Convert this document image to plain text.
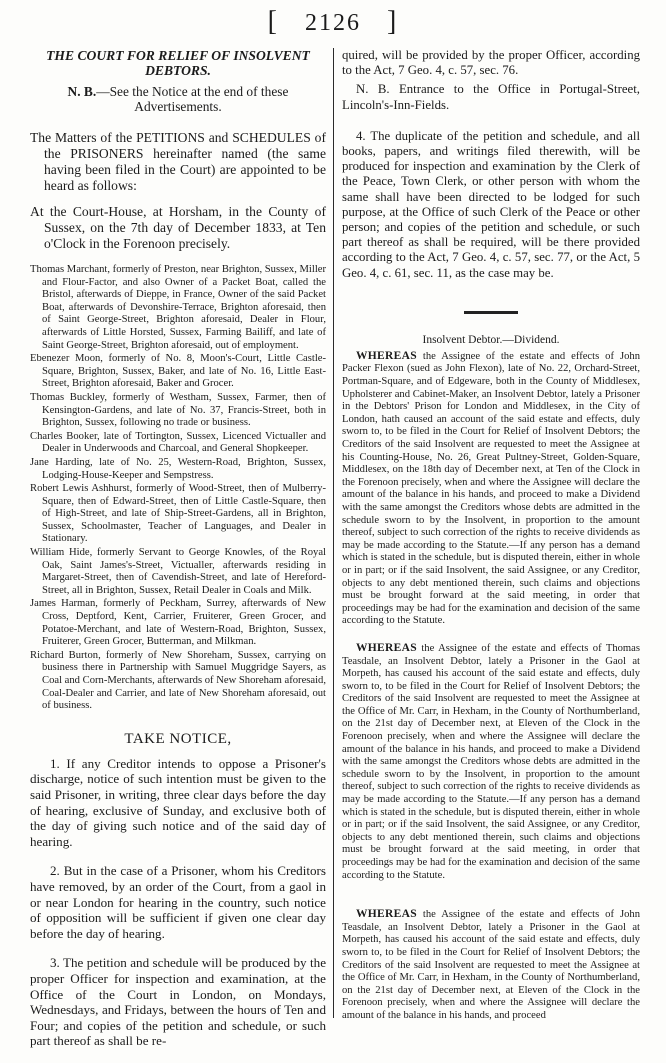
[ 2126 ]
THE COURT FOR RELIEF OF INSOLVENT
DEBTORS.

N. B.—See the Notice at the end of these Advertisements.

The Matters of the PETITIONS and SCHEDULES of the PRISONERS hereinafter named (the same having been filed in the Court) are appointed to be heard as follows:

At the Court-House, at Horsham, in the County of Sussex, on the 7th day of December 1833, at Ten o'Clock in the Forenoon precisely.

Thomas Marchant, formerly of Preston, near Brighton, Sussex, Miller and Flour-Factor, and also Owner of a Packet Boat, called the Bristol, afterwards of Dieppe, in France, Owner of the said Packet Boat, afterwards of Devonshire-Terrace, Brighton aforesaid, then of Saint George-Street, Brighton aforesaid, Dealer in Flour, afterwards of Little Horsted, Sussex, Farming Bailiff, and late of Saint George-Street, Brighton aforesaid, out of employment.
Ebenezer Moon, formerly of No. 8, Moon's-Court, Little Castle-Square, Brighton, Sussex, Baker, and late of No. 16, Little East-Street, Brighton aforesaid, Baker and Grocer.
Thomas Buckley, formerly of Westham, Sussex, Farmer, then of Kensington-Gardens, and late of No. 37, Francis-Street, both in Brighton, Sussex, following no trade or business.
Charles Booker, late of Tortington, Sussex, Licenced Victualler and Dealer in Underwoods and Charcoal, and General Shopkeeper.
Jane Harding, late of No. 25, Western-Road, Brighton, Sussex, Lodging-House-Keeper and Sempstress.
Robert Lewis Ashhurst, formerly of Wood-Street, then of Mulberry-Square, then of Edward-Street, then of Little Castle-Square, then of High-Street, and late of Ship-Street-Gardens, all in Brighton, Sussex, Schoolmaster, Teacher of Languages, and Dealer in Stationary.
William Hide, formerly Servant to George Knowles, of the Royal Oak, Saint James's-Street, Victualler, afterwards residing in Margaret-Street, then of Cavendish-Street, and late of Hereford-Street, all in Brighton, Sussex, Retail Dealer in Coals and Milk.
James Harman, formerly of Peckham, Surrey, afterwards of New Cross, Deptford, Kent, Carrier, Fruiterer, Green Grocer, and Potatoe-Merchant, and late of Western-Road, Brighton, Sussex, Fruiterer, Green Grocer, Butterman, and Milkman.
Richard Burton, formerly of New Shoreham, Sussex, carrying on business there in Partnership with Samuel Muggridge Sayers, as Coal and Corn-Merchants, afterwards of New Shoreham aforesaid, Coal-Dealer and Carrier, and late of New Shoreham aforesaid, out of business.
TAKE NOTICE,

1. If any Creditor intends to oppose a Prisoner's discharge, notice of such intention must be given to the said Prisoner, in writing, three clear days before the day of hearing, exclusive of Sunday, and exclusive both of the day of giving such notice and of the said day of hearing.

2. But in the case of a Prisoner, whom his Creditors have removed, by an order of the Court, from a gaol in or near London for hearing in the country, such notice of opposition will be sufficient if given one clear day before the day of hearing.

3. The petition and schedule will be produced by the proper Officer for inspection and examination, at the Office of the Court in London, on Mondays, Wednesdays, and Fridays, between the hours of Ten and Four; and copies of the petition and schedule, or such part thereof as shall be re-

quired, will be provided by the proper Officer, according to the Act, 7 Geo. 4, c. 57, sec. 76.

N. B. Entrance to the Office in Portugal-Street, Lincoln's-Inn-Fields.

4. The duplicate of the petition and schedule, and all books, papers, and writings filed therewith, will be produced for inspection and examination by the Clerk of the Peace, Town Clerk, or other person with whom the same shall have been directed to be lodged for such purpose, at the Office of such Clerk of the Peace or other person; and copies of the petition and schedule, or such part thereof as shall be required, will be there provided according to the Act, 7 Geo. 4, c. 57, sec. 77, or the Act, 5 Geo. 4, c. 61, sec. 11, as the case may be.

Insolvent Debtor.—Dividend.

WHEREAS the Assignee of the estate and effects of John Packer Flexon (sued as John Flexon), late of No. 22, Orchard-Street, Portman-Square, and of Edgeware, both in the County of Middlesex, Upholsterer and Cabinet-Maker, an Insolvent Debtor, lately a Prisoner in the Debtors' Prison for London and Middlesex, in the City of London, hath caused an account of the said estate and effects, duly sworn to, to be filed in the Court for Relief of Insolvent Debtors; the Creditors of the said Insolvent are requested to meet the Assignee at his Counting-House, No. 26, Great Pultney-Street, Golden-Square, Middlesex, on the 18th day of December next, at Ten of the Clock in the Forenoon precisely, when and where the Assignee will declare the amount of the balance in his hands, and proceed to make a Dividend with the same amongst the Creditors whose debts are admitted in the schedule sworn to by the Insolvent, in proportion to the amount thereof, subject to such correction of the rights to receive dividends as may be made according to the Statute.—If any person has a demand which is stated in the schedule, but is disputed therein, either in whole or in part; or if the said Insolvent, the said Assignee, or any Creditor, objects to any debt mentioned therein, such claims and objections must be brought forward at the said meeting, in order that proceedings may be had for the examination and decision of the same according to the Statute.

WHEREAS the Assignee of the estate and effects of Thomas Teasdale, an Insolvent Debtor, lately a Prisoner in the Gaol at Morpeth, has caused his account of the said estate and effects, duly sworn to, to be filed in the Court for Relief of Insolvent Debtors; the Creditors of the said Insolvent are requested to meet the Assignee at the Office of Mr. Carr, in Hexham, in the County of Northumberland, on the 21st day of December next, at Eleven of the Clock in the Forenoon precisely, when and where the Assignee will declare the amount of the balance in his hands, and proceed to make a Dividend with the same amongst the Creditors whose debts are admitted in the schedule sworn to by the Insolvent, in proportion to the amount thereof, subject to such correction of the rights to receive dividends as may be made according to the Statute.—If any person has a demand which is stated in the schedule, but is disputed therein, either in whole or in part; or if the said Insolvent, the said Assignee, or any Creditor, objects to any debt mentioned therein, such claims and objections must be brought forward at the said meeting, in order that proceedings may be had for the examination and decision of the same according to the Statute.

WHEREAS the Assignee of the estate and effects of John Teasdale, an Insolvent Debtor, lately a Prisoner in the Gaol at Morpeth, has caused his account of the said estate and effects, duly sworn to, to be filed in the Court for Relief of Insolvent Debtors; the Creditors of the said Insolvent are requested to meet the Assignee at the Office of Mr. Carr, in Hexham, in the County of Northumberland, on the 21st day of December next, at Eleven of the Clock in the Forenoon precisely, when and where the Assignee will declare the amount of the balance in his hands, and proceed
